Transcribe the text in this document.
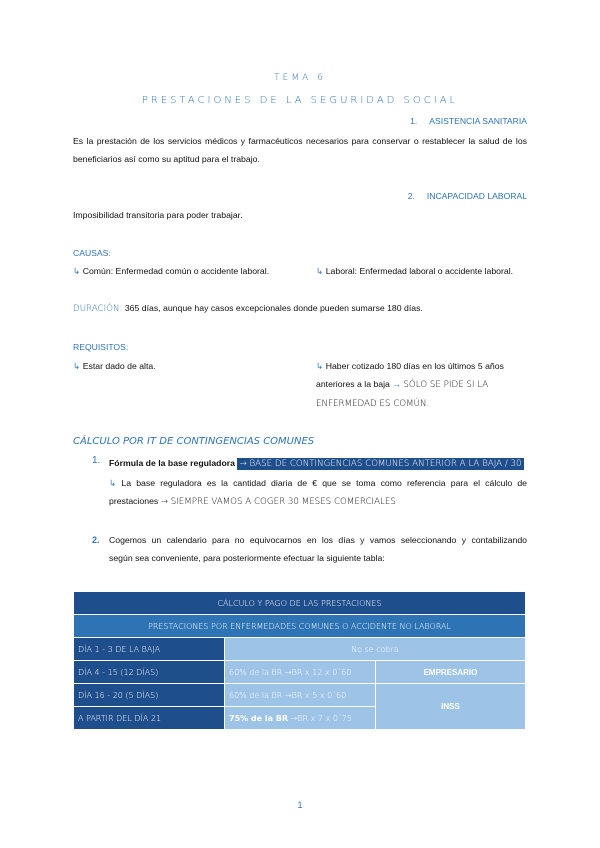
TEMA 6
PRESTACIONES DE LA SEGURIDAD SOCIAL
1. ASISTENCIA SANITARIA
Es la prestación de los servicios médicos y farmacéuticos necesarios para conservar o restablecer la salud de los beneficiarios así como su aptitud para el trabajo.
2. INCAPACIDAD LABORAL
Imposibilidad transitoria para poder trabajar.
CAUSAS:
↳ Común: Enfermedad común o accidente laboral.	↳ Laboral: Enfermedad laboral o accidente laboral.
DURACIÓN: 365 días, aunque hay casos excepcionales donde pueden sumarse 180 días.
REQUISITOS:
↳ Estar dado de alta.	↳ Haber cotizado 180 días en los últimos 5 años
anteriores a la baja → SÓLO SE PIDE SI LA
ENFERMEDAD ES COMÚN.
CÁLCULO POR IT DE CONTINGENCIAS COMUNES
1. Fórmula de la base reguladora → BASE DE CONTINGENCIAS COMUNES ANTERIOR A LA BAJA / 30
↳ La base reguladora es la cantidad diaria de € que se toma como referencia para el cálculo de
prestaciones → SIEMPRE VAMOS A COGER 30 MESES COMERCIALES
2. Cogemos un calendario para no equivocarnos en los días y vamos seleccionando y contabilizando
según sea conveniente, para posteriormente efectuar la siguiente tabla:
CÁLCULO Y PAGO DE LAS PRESTACIONES		
PRESTACIONES POR ENFERMEDADES COMUNES O ACCIDENTE NO LABORAL		
DÍA 1 - 3 DE LA BAJA	No se cobra	
DÍA 4 - 15 (12 DÍAS)	60% de la BR →BR x 12 x 0´60	EMPRESARIO
DÍA 16 - 20 (5 DÍAS)	60% de la BR →BR x 5 x 0´60	INSS
A PARTIR DEL DÍA 21	75% de la BR →BR x 7 x 0´75	
1
